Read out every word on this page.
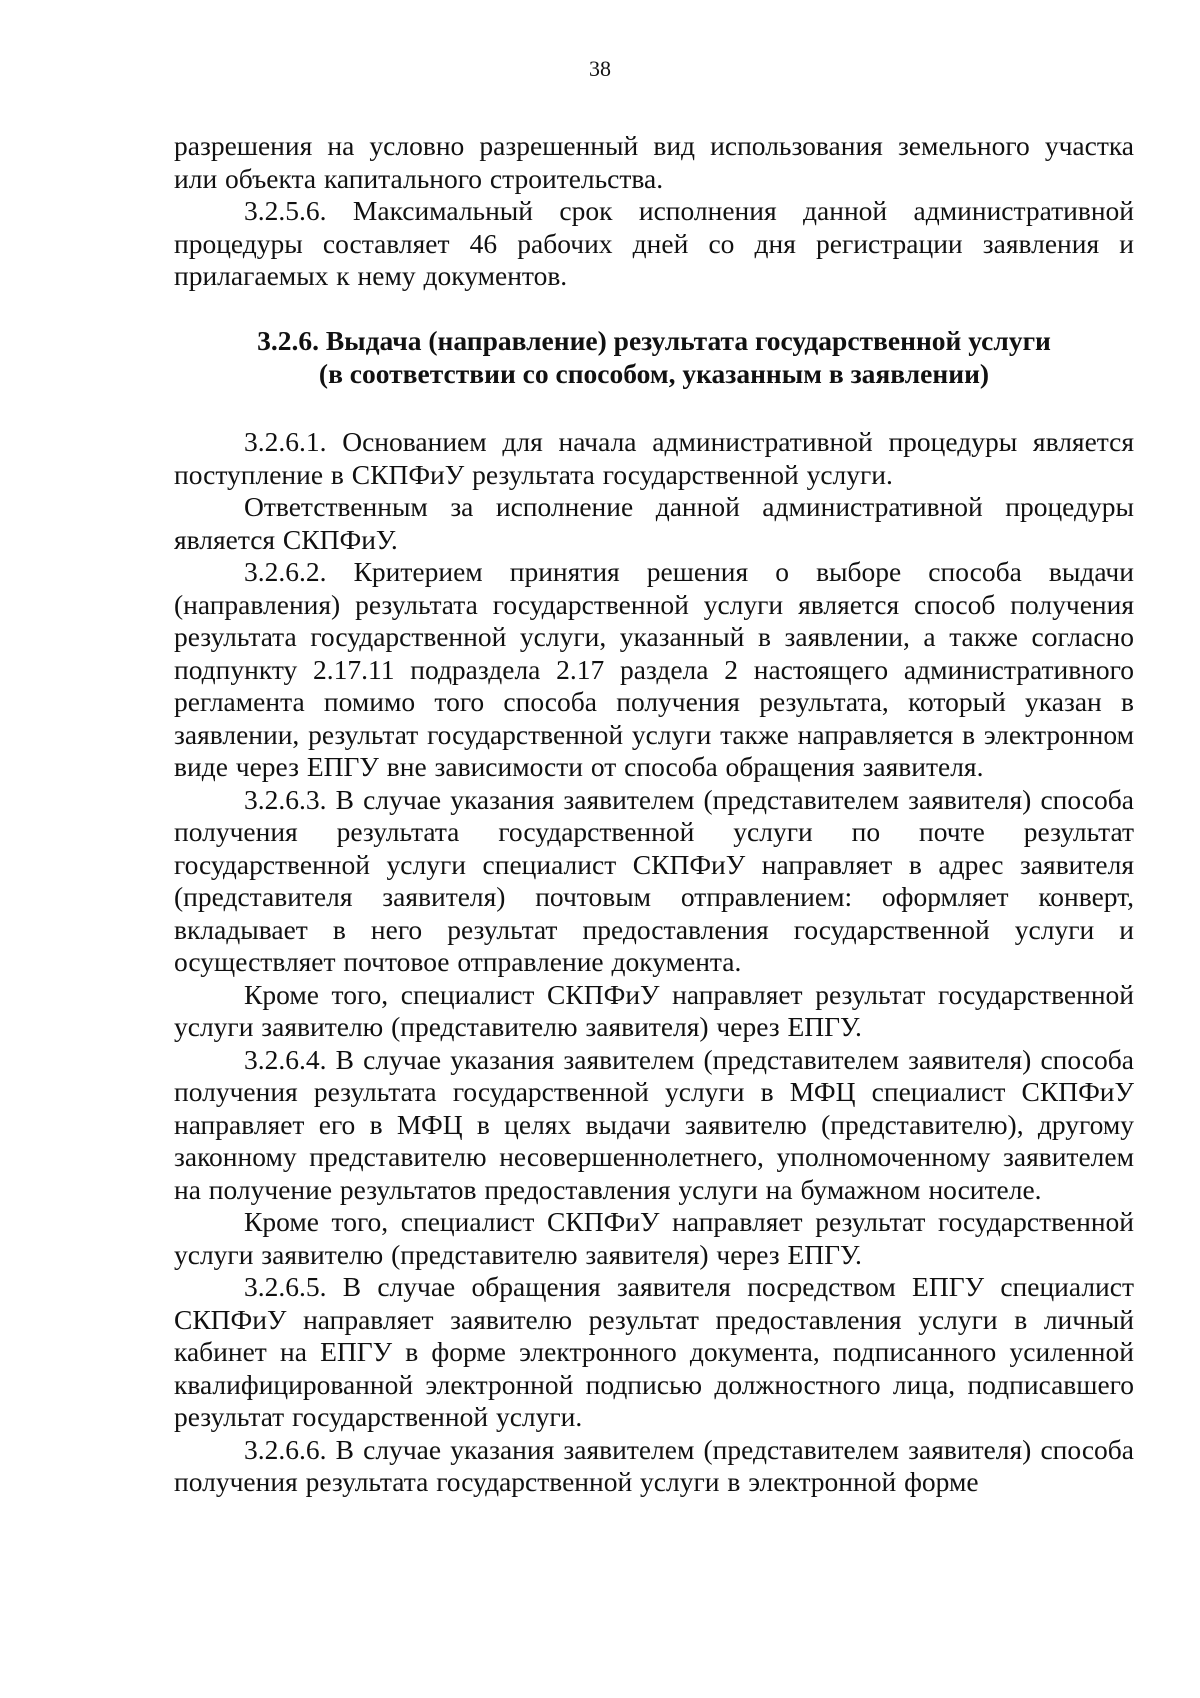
38

разрешения на условно разрешенный вид использования земельного участка или объекта капитального строительства.

3.2.5.6. Максимальный срок исполнения данной административной процедуры составляет 46 рабочих дней со дня регистрации заявления и прилагаемых к нему документов.

3.2.6. Выдача (направление) результата государственной услуги
(в соответствии со способом, указанным в заявлении)

3.2.6.1. Основанием для начала административной процедуры является поступление в СКПФиУ результата государственной услуги.

Ответственным за исполнение данной административной процедуры является СКПФиУ.

3.2.6.2. Критерием принятия решения о выборе способа выдачи (направления) результата государственной услуги является способ получения результата государственной услуги, указанный в заявлении, а также согласно подпункту 2.17.11 подраздела 2.17 раздела 2 настоящего административного регламента помимо того способа получения результата, который указан в заявлении, результат государственной услуги также направляется в электронном виде через ЕПГУ вне зависимости от способа обращения заявителя.

3.2.6.3. В случае указания заявителем (представителем заявителя) способа получения результата государственной услуги по почте результат государственной услуги специалист СКПФиУ направляет в адрес заявителя (представителя заявителя) почтовым отправлением: оформляет конверт, вкладывает в него результат предоставления государственной услуги и осуществляет почтовое отправление документа.

Кроме того, специалист СКПФиУ направляет результат государственной услуги заявителю (представителю заявителя) через ЕПГУ.

3.2.6.4. В случае указания заявителем (представителем заявителя) способа получения результата государственной услуги в МФЦ специалист СКПФиУ направляет его в МФЦ в целях выдачи заявителю (представителю), другому законному представителю несовершеннолетнего, уполномоченному заявителем на получение результатов предоставления услуги на бумажном носителе.

Кроме того, специалист СКПФиУ направляет результат государственной услуги заявителю (представителю заявителя) через ЕПГУ.

3.2.6.5. В случае обращения заявителя посредством ЕПГУ специалист СКПФиУ направляет заявителю результат предоставления услуги в личный кабинет на ЕПГУ в форме электронного документа, подписанного усиленной квалифицированной электронной подписью должностного лица, подписавшего результат государственной услуги.

3.2.6.6. В случае указания заявителем (представителем заявителя) способа получения результата государственной услуги в электронной форме
